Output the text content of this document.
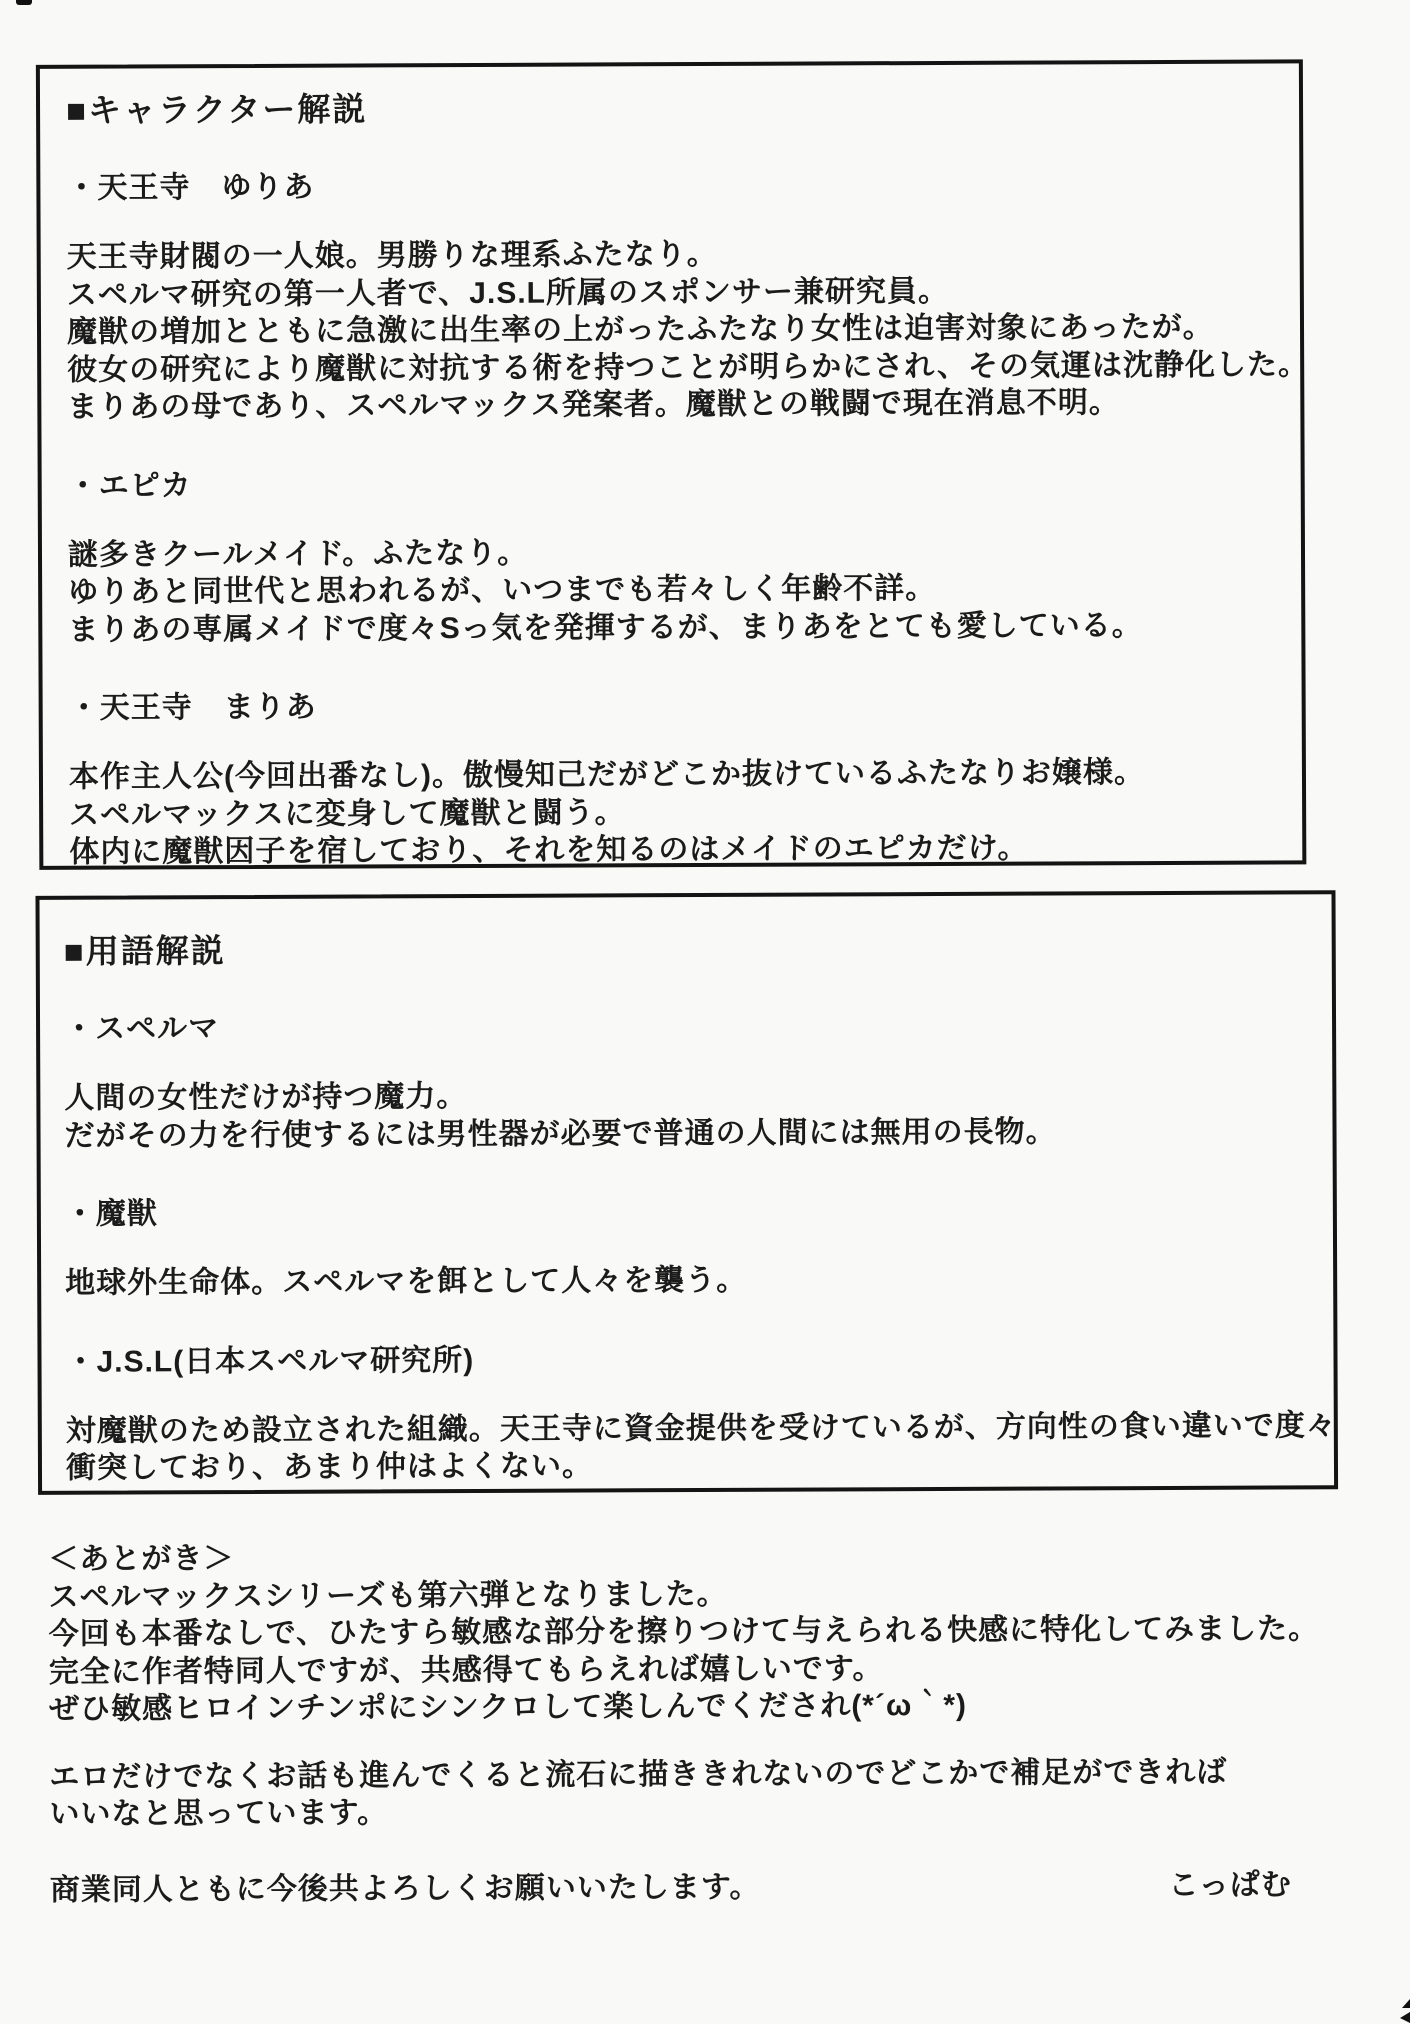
■キャラクター解説
・天王寺　ゆりあ
天王寺財閥の一人娘。男勝りな理系ふたなり。
スペルマ研究の第一人者で、J.S.L所属のスポンサー兼研究員。
魔獣の増加とともに急激に出生率の上がったふたなり女性は迫害対象にあったが。
彼女の研究により魔獣に対抗する術を持つことが明らかにされ、その気運は沈静化した。
まりあの母であり、スペルマックス発案者。魔獣との戦闘で現在消息不明。
・エピカ
謎多きクールメイド。ふたなり。
ゆりあと同世代と思われるが、いつまでも若々しく年齢不詳。
まりあの専属メイドで度々Sっ気を発揮するが、まりあをとても愛している。
・天王寺　まりあ
本作主人公(今回出番なし)。傲慢知己だがどこか抜けているふたなりお嬢様。
スペルマックスに変身して魔獣と闘う。
体内に魔獣因子を宿しており、それを知るのはメイドのエピカだけ。
■用語解説
・スペルマ
人間の女性だけが持つ魔力。
だがその力を行使するには男性器が必要で普通の人間には無用の長物。
・魔獣
地球外生命体。スペルマを餌として人々を襲う。
・J.S.L(日本スペルマ研究所)
対魔獣のため設立された組織。天王寺に資金提供を受けているが、方向性の食い違いで度々
衝突しており、あまり仲はよくない。
＜あとがき＞
スペルマックスシリーズも第六弾となりました。
今回も本番なしで、ひたすら敏感な部分を擦りつけて与えられる快感に特化してみました。
完全に作者特同人ですが、共感得てもらえれば嬉しいです。
ぜひ敏感ヒロインチンポにシンクロして楽しんでくだされ(*´ω｀*)
エロだけでなくお話も進んでくると流石に描ききれないのでどこかで補足ができれば
いいなと思っています。
商業同人ともに今後共よろしくお願いいたします。	こっぱむ
